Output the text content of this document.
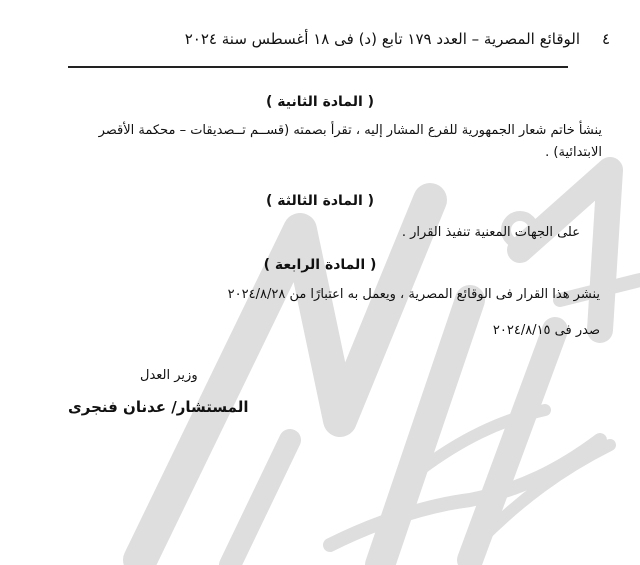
٤
الوقائع المصرية – العدد ١٧٩ تابع (د) فى ١٨ أغسطس سنة ٢٠٢٤
( المادة الثانية )
ينشأ خاتم شعار الجمهورية للفرع المشار إليه ، تقرأ بصمته (قســم تــصديقات – محكمة الأقصر الابتدائية) .
( المادة الثالثة )
على الجهات المعنية تنفيذ القرار .
( المادة الرابعة )
ينشر هذا القرار فى الوقائع المصرية ، ويعمل به اعتبارًا من ٢٠٢٤/٨/٢٨
صدر فى ٢٠٢٤/٨/١٥
وزير العدل
المستشار/ عدنان فنجرى
